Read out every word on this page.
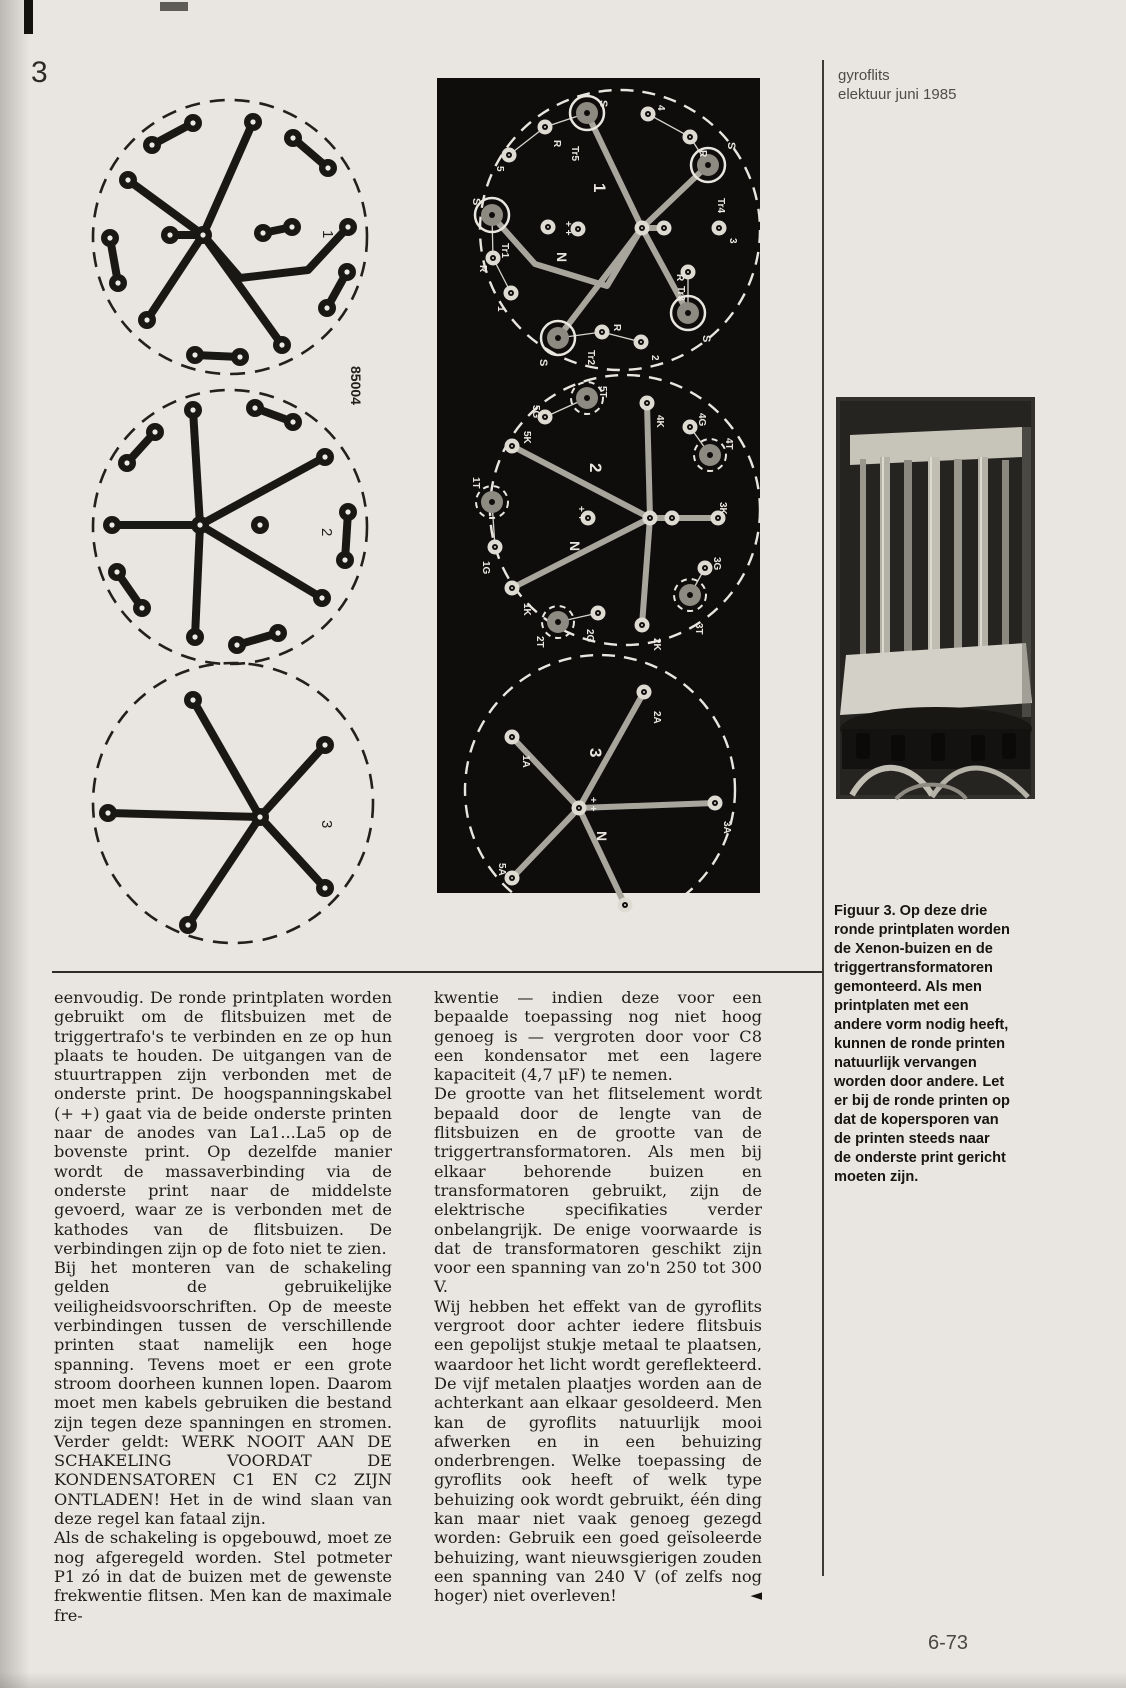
3	gyroflits
elektuur juni 1985
1
2
3
85004
S
S
S
S
S
R
R
R
R
R
5
4
1
2
3
Tr5
Tr1
Tr2
Tr4
Tr3
1
N
+ +
5T
1T
2T
4T
3T
5G
4G
1G
2G
3G
5K
4K
1K
2K
3K
2
N
+ +
2A
1A
5A
4A
3A
3
N
+ +

eenvoudig. De ronde printplaten worden gebruikt om de flitsbuizen met de triggertrafo's te verbinden en ze op hun plaats te houden. De uitgangen van de stuurtrappen zijn verbonden met de onderste print. De hoogspanningskabel (+ +) gaat via de beide onderste printen naar de anodes van La1...La5 op de bovenste print. Op dezelfde manier wordt de massaverbinding via de onderste print naar de middelste gevoerd, waar ze is verbonden met de kathodes van de flitsbuizen. De verbindingen zijn op de foto niet te zien.

Bij het monteren van de schakeling gelden de gebruikelijke veiligheidsvoorschriften. Op de meeste verbindingen tussen de verschillende printen staat namelijk een hoge spanning. Tevens moet er een grote stroom doorheen kunnen lopen. Daarom moet men kabels gebruiken die bestand zijn tegen deze spanningen en stromen. Verder geldt: WERK NOOIT AAN DE SCHAKELING VOORDAT DE KONDENSATOREN C1 EN C2 ZIJN ONTLADEN! Het in de wind slaan van deze regel kan fataal zijn.

Als de schakeling is opgebouwd, moet ze nog afgeregeld worden. Stel potmeter P1 zó in dat de buizen met de gewenste frekwentie flitsen. Men kan de maximale fre-

kwentie — indien deze voor een bepaalde toepassing nog niet hoog genoeg is — vergroten door voor C8 een kondensator met een lagere kapaciteit (4,7 μF) te nemen.

De grootte van het flitselement wordt bepaald door de lengte van de flitsbuizen en de grootte van de triggertransformatoren. Als men bij elkaar behorende buizen en transformatoren gebruikt, zijn de elektrische specifikaties verder onbelangrijk. De enige voorwaarde is dat de transformatoren geschikt zijn voor een spanning van zo'n 250 tot 300 V.

Wij hebben het effekt van de gyroflits vergroot door achter iedere flitsbuis een gepolijst stukje metaal te plaatsen, waardoor het licht wordt gereflekteerd. De vijf metalen plaatjes worden aan de achterkant aan elkaar gesoldeerd. Men kan de gyroflits natuurlijk mooi afwerken en in een behuizing onderbrengen. Welke toepassing de gyroflits ook heeft of welk type behuizing ook wordt gebruikt, één ding kan maar niet vaak genoeg gezegd worden: Gebruik een goed geïsoleerde behuizing, want nieuwsgierigen zouden een spanning van 240 V (of zelfs nog hoger) niet overleven!	◄

Figuur 3. Op deze drie ronde printplaten worden de Xenon-buizen en de triggertransformatoren gemonteerd. Als men printplaten met een andere vorm nodig heeft, kunnen de ronde printen natuurlijk vervangen worden door andere. Let er bij de ronde printen op dat de kopersporen van de printen steeds naar de onderste print gericht moeten zijn.
6-73
